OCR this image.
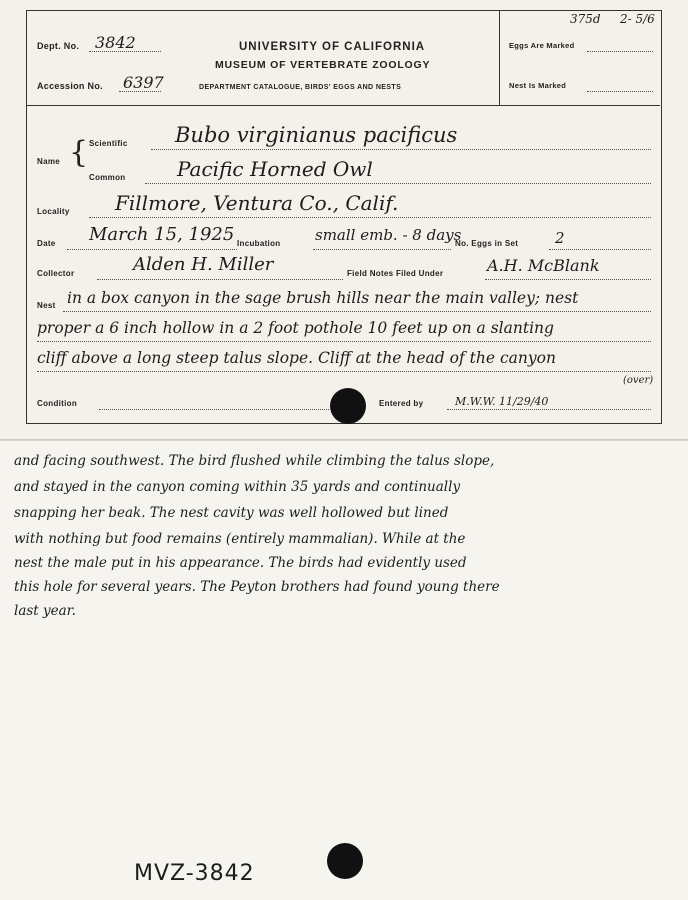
375d 2- 5/6
Dept. No. 3842
Accession No. 6397
UNIVERSITY OF CALIFORNIA
MUSEUM OF VERTEBRATE ZOOLOGY
DEPARTMENT CATALOGUE, BIRDS' EGGS AND NESTS
Eggs Are Marked
Nest Is Marked
Name { Scientific Bubo virginianus pacificus
Common	Pacific Horned Owl
Locality Fillmore, Ventura Co., Calif.
Date March 15, 1925 Incubation small emb. - 8 days
No. Eggs in Set 2
Collector	Alden H. Miller	Field Notes Filed Under	A.H. McBlank
Nest in a box canyon in the sage brush hills near the main valley; nest
proper a 6 inch hollow in a 2 foot pothole 10 feet up on a slanting
cliff above a long steep talus slope. Cliff at the head of the canyon
(over)
Condition	Entered by	M.W.W. 11/29/40
and facing southwest. The bird flushed while climbing the talus slope,
and stayed in the canyon coming within 35 yards and continually
snapping her beak. The nest cavity was well hollowed but lined
with nothing but food remains (entirely mammalian). While at the
nest the male put in his appearance. The birds had evidently used
this hole for several years. The Peyton brothers had found young there
last year.
MVZ-3842
